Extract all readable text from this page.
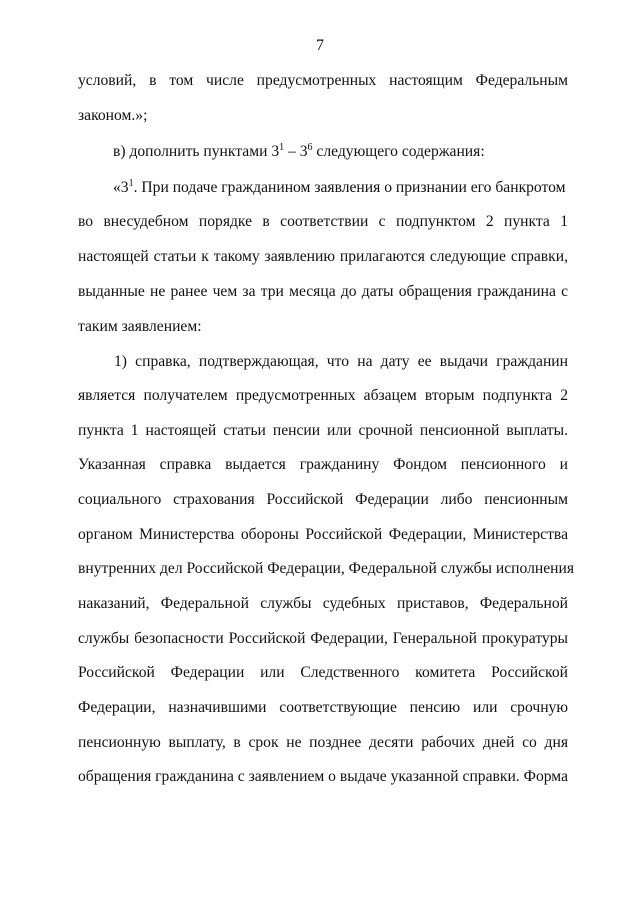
7
условий, в том числе предусмотренных настоящим Федеральным
законом.»;
в) дополнить пунктами $3^1 - 3^6$ следующего содержания:
«$3^1$. При подаче гражданином заявления о признании его банкротом
во внесудебном порядке в соответствии с подпунктом 2 пункта 1
настоящей статьи к такому заявлению прилагаются следующие справки,
выданные не ранее чем за три месяца до даты обращения гражданина с
таким заявлением:
1) справка, подтверждающая, что на дату ее выдачи гражданин
является получателем предусмотренных абзацем вторым подпункта 2
пункта 1 настоящей статьи пенсии или срочной пенсионной выплаты.
Указанная справка выдается гражданину Фондом пенсионного и
социального страхования Российской Федерации либо пенсионным
органом Министерства обороны Российской Федерации, Министерства
внутренних дел Российской Федерации, Федеральной службы исполнения
наказаний, Федеральной службы судебных приставов, Федеральной
службы безопасности Российской Федерации, Генеральной прокуратуры
Российской Федерации или Следственного комитета Российской
Федерации, назначившими соответствующие пенсию или срочную
пенсионную выплату, в срок не позднее десяти рабочих дней со дня
обращения гражданина с заявлением о выдаче указанной справки. Форма
